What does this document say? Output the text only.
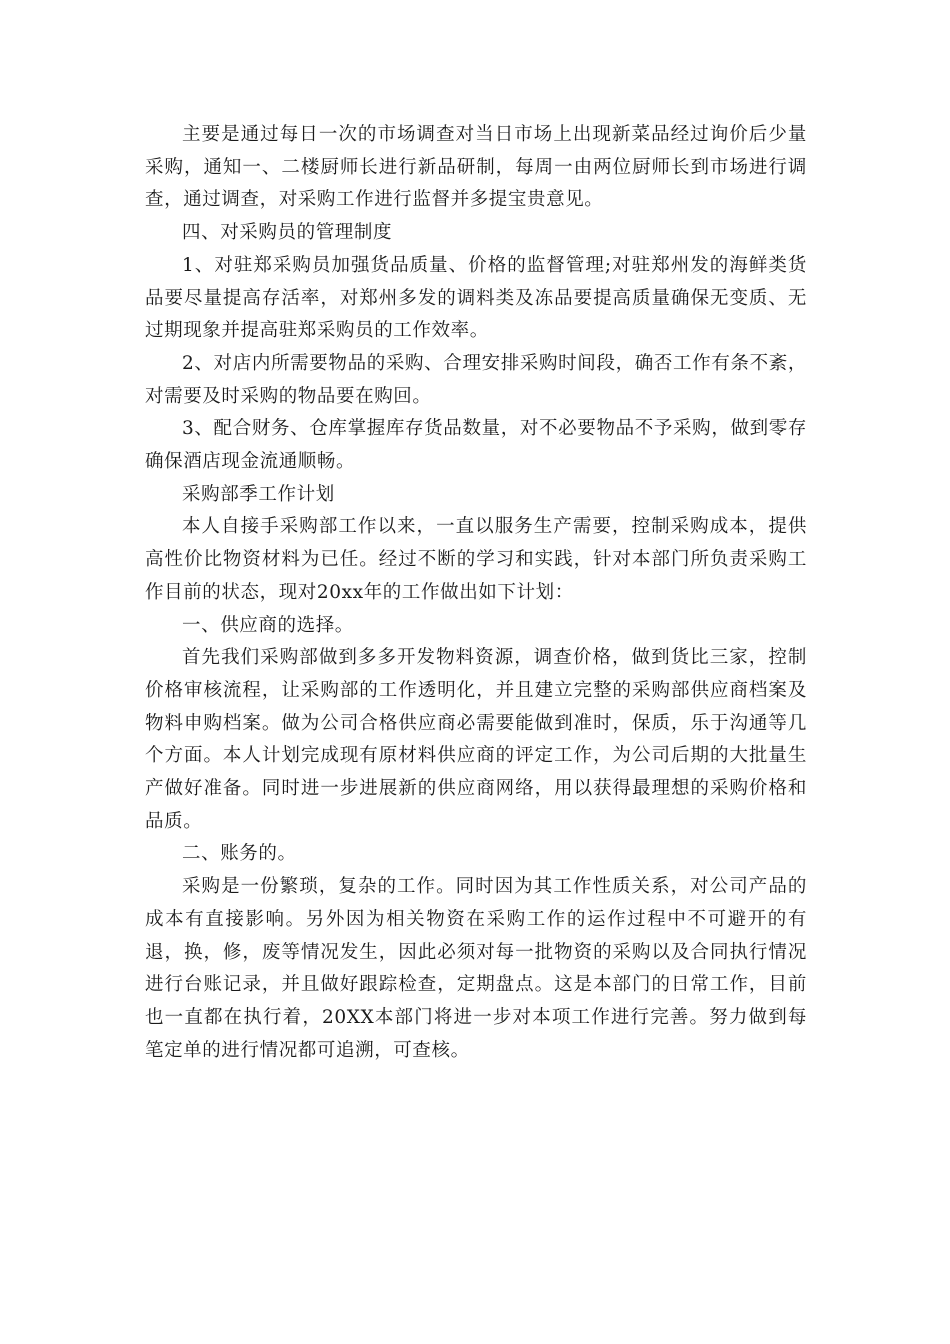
主要是通过每日一次的市场调查对当日市场上出现新菜品经过询价后少量采购，通知一、二楼厨师长进行新品研制，每周一由两位厨师长到市场进行调查，通过调查，对采购工作进行监督并多提宝贵意见。

四、对采购员的管理制度

1、对驻郑采购员加强货品质量、价格的监督管理;对驻郑州发的海鲜类货品要尽量提高存活率，对郑州多发的调料类及冻品要提高质量确保无变质、无过期现象并提高驻郑采购员的工作效率。

2、对店内所需要物品的采购、合理安排采购时间段，确否工作有条不紊，对需要及时采购的物品要在购回。

3、配合财务、仓库掌握库存货品数量，对不必要物品不予采购，做到零存确保酒店现金流通顺畅。

采购部季工作计划

本人自接手采购部工作以来，一直以服务生产需要，控制采购成本，提供高性价比物资材料为已任。经过不断的学习和实践，针对本部门所负责采购工作目前的状态，现对20xx年的工作做出如下计划：

一、供应商的选择。

首先我们采购部做到多多开发物料资源，调查价格，做到货比三家，控制价格审核流程，让采购部的工作透明化，并且建立完整的采购部供应商档案及物料申购档案。做为公司合格供应商必需要能做到准时，保质，乐于沟通等几个方面。本人计划完成现有原材料供应商的评定工作，为公司后期的大批量生产做好准备。同时进一步进展新的供应商网络，用以获得最理想的采购价格和品质。

二、账务的。

采购是一份繁琐，复杂的工作。同时因为其工作性质关系，对公司产品的成本有直接影响。另外因为相关物资在采购工作的运作过程中不可避开的有退，换，修，废等情况发生，因此必须对每一批物资的采购以及合同执行情况进行台账记录，并且做好跟踪检查，定期盘点。这是本部门的日常工作，目前也一直都在执行着，20XX本部门将进一步对本项工作进行完善。努力做到每笔定单的进行情况都可追溯，可查核。
